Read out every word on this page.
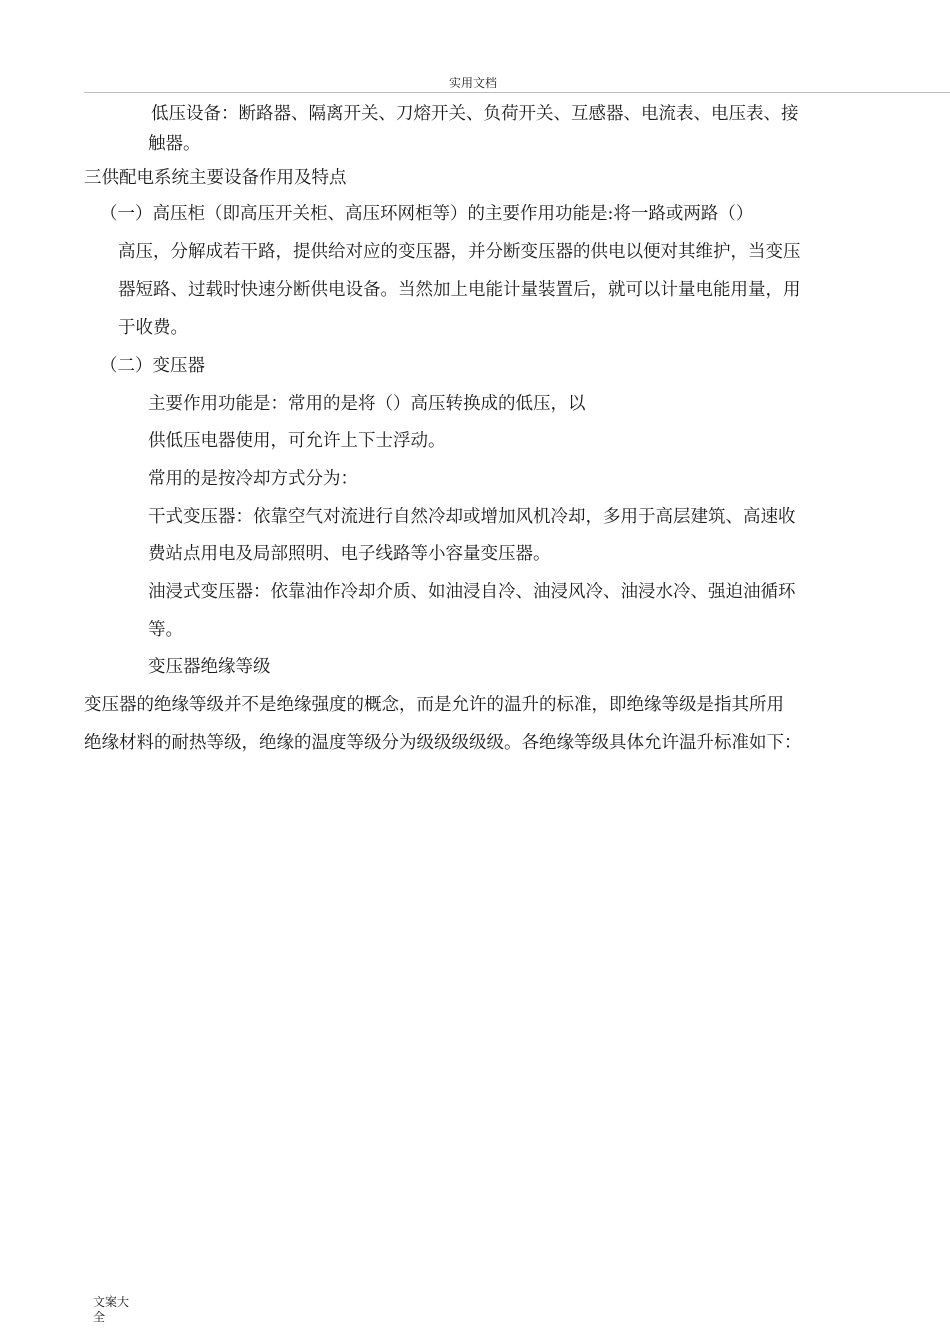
实用文档
低压设备：断路器、隔离开关、刀熔开关、负荷开关、互感器、电流表、电压表、接
触器。
三供配电系统主要设备作用及特点
（一）高压柜（即高压开关柜、高压环网柜等）的主要作用功能是:将一路或两路（）
高压，分解成若干路，提供给对应的变压器，并分断变压器的供电以便对其维护，当变压
器短路、过载时快速分断供电设备。当然加上电能计量装置后，就可以计量电能用量，用
于收费。
（二）变压器
主要作用功能是：常用的是将（）高压转换成的低压，以
供低压电器使用，可允许上下士浮动。
常用的是按冷却方式分为：
干式变压器：依靠空气对流进行自然冷却或增加风机冷却，多用于高层建筑、高速收
费站点用电及局部照明、电子线路等小容量变压器。
油浸式变压器：依靠油作冷却介质、如油浸自冷、油浸风冷、油浸水冷、强迫油循环
等。
变压器绝缘等级
变压器的绝缘等级并不是绝缘强度的概念，而是允许的温升的标准，即绝缘等级是指其所用
绝缘材料的耐热等级，绝缘的温度等级分为级级级级级。各绝缘等级具体允许温升标准如下：
文案大全
